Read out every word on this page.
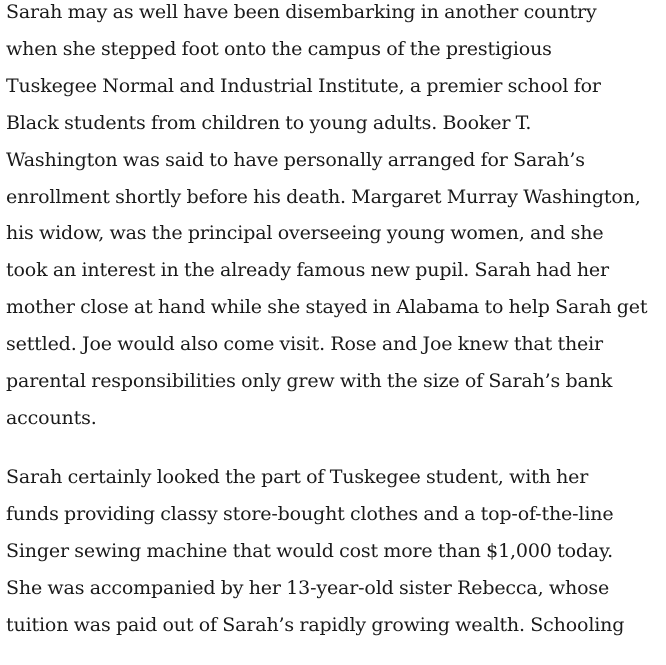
Sarah may as well have been disembarking in another country
when she stepped foot onto the campus of the prestigious
Tuskegee Normal and Industrial Institute, a premier school for
Black students from children to young adults. Booker T.
Washington was said to have personally arranged for Sarah’s
enrollment shortly before his death. Margaret Murray Washington,
his widow, was the principal overseeing young women, and she
took an interest in the already famous new pupil. Sarah had her
mother close at hand while she stayed in Alabama to help Sarah get
settled. Joe would also come visit. Rose and Joe knew that their
parental responsibilities only grew with the size of Sarah’s bank
accounts.

Sarah certainly looked the part of Tuskegee student, with her
funds providing classy store-bought clothes and a top-of-the-line
Singer sewing machine that would cost more than $1,000 today.
She was accompanied by her 13-year-old sister Rebecca, whose
tuition was paid out of Sarah’s rapidly growing wealth. Schooling
